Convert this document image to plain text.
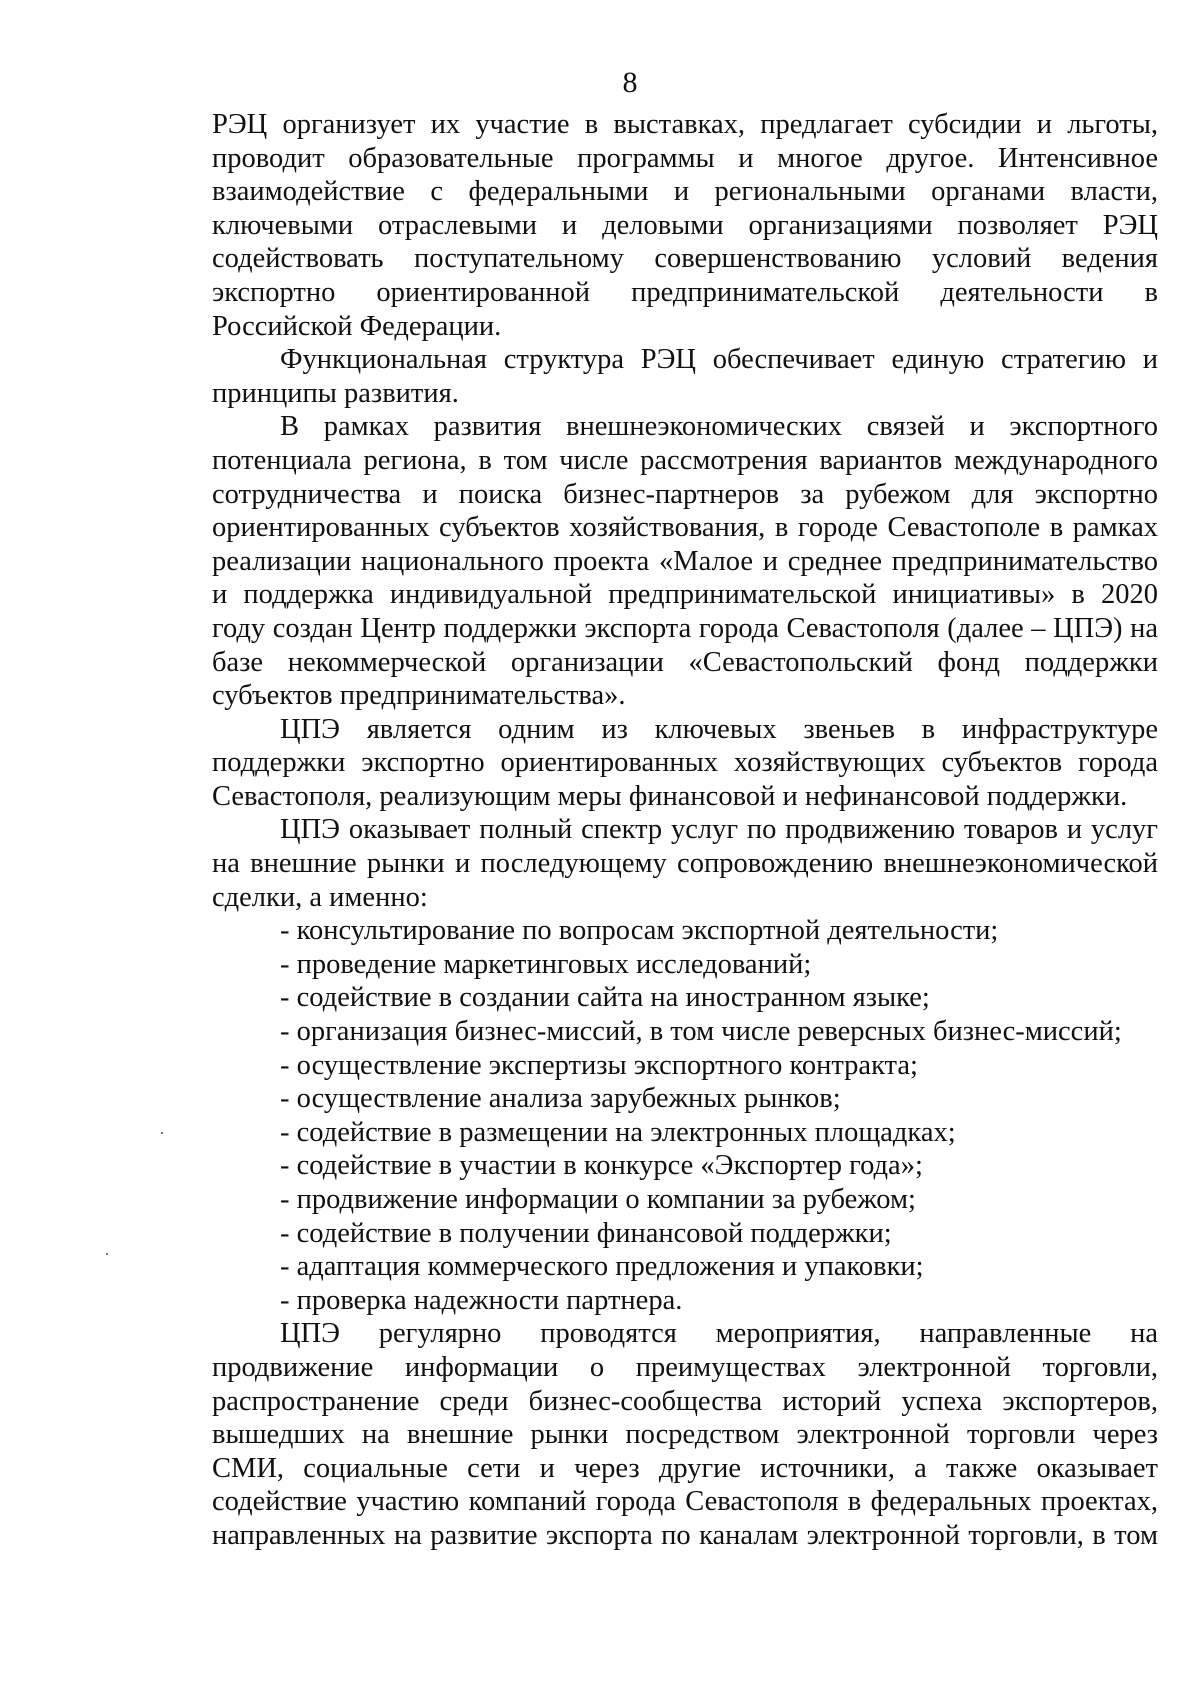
8

РЭЦ организует их участие в выставках, предлагает субсидии и льготы, проводит образовательные программы и многое другое. Интенсивное взаимодействие с федеральными и региональными органами власти, ключевыми отраслевыми и деловыми организациями позволяет РЭЦ содействовать поступательному совершенствованию условий ведения экспортно ориентированной предпринимательской деятельности в Российской Федерации.

Функциональная структура РЭЦ обеспечивает единую стратегию и принципы развития.

В рамках развития внешнеэкономических связей и экспортного потенциала региона, в том числе рассмотрения вариантов международного сотрудничества и поиска бизнес-партнеров за рубежом для экспортно ориентированных субъектов хозяйствования, в городе Севастополе в рамках реализации национального проекта «Малое и среднее предпринимательство и поддержка индивидуальной предпринимательской инициативы» в 2020 году создан Центр поддержки экспорта города Севастополя (далее – ЦПЭ) на базе некоммерческой организации «Севастопольский фонд поддержки субъектов предпринимательства».

ЦПЭ является одним из ключевых звеньев в инфраструктуре поддержки экспортно ориентированных хозяйствующих субъектов города Севастополя, реализующим меры финансовой и нефинансовой поддержки.

ЦПЭ оказывает полный спектр услуг по продвижению товаров и услуг на внешние рынки и последующему сопровождению внешнеэкономической сделки, а именно:

- консультирование по вопросам экспортной деятельности;
- проведение маркетинговых исследований;
- содействие в создании сайта на иностранном языке;
- организация бизнес-миссий, в том числе реверсных бизнес-миссий;
- осуществление экспертизы экспортного контракта;
- осуществление анализа зарубежных рынков;
- содействие в размещении на электронных площадках;
- содействие в участии в конкурсе «Экспортер года»;
- продвижение информации о компании за рубежом;
- содействие в получении финансовой поддержки;
- адаптация коммерческого предложения и упаковки;
- проверка надежности партнера.

ЦПЭ регулярно проводятся мероприятия, направленные на продвижение информации о преимуществах электронной торговли, распространение среди бизнес-сообщества историй успеха экспортеров, вышедших на внешние рынки посредством электронной торговли через СМИ, социальные сети и через другие источники, а также оказывает содействие участию компаний города Севастополя в федеральных проектах, направленных на развитие экспорта по каналам электронной торговли, в том
